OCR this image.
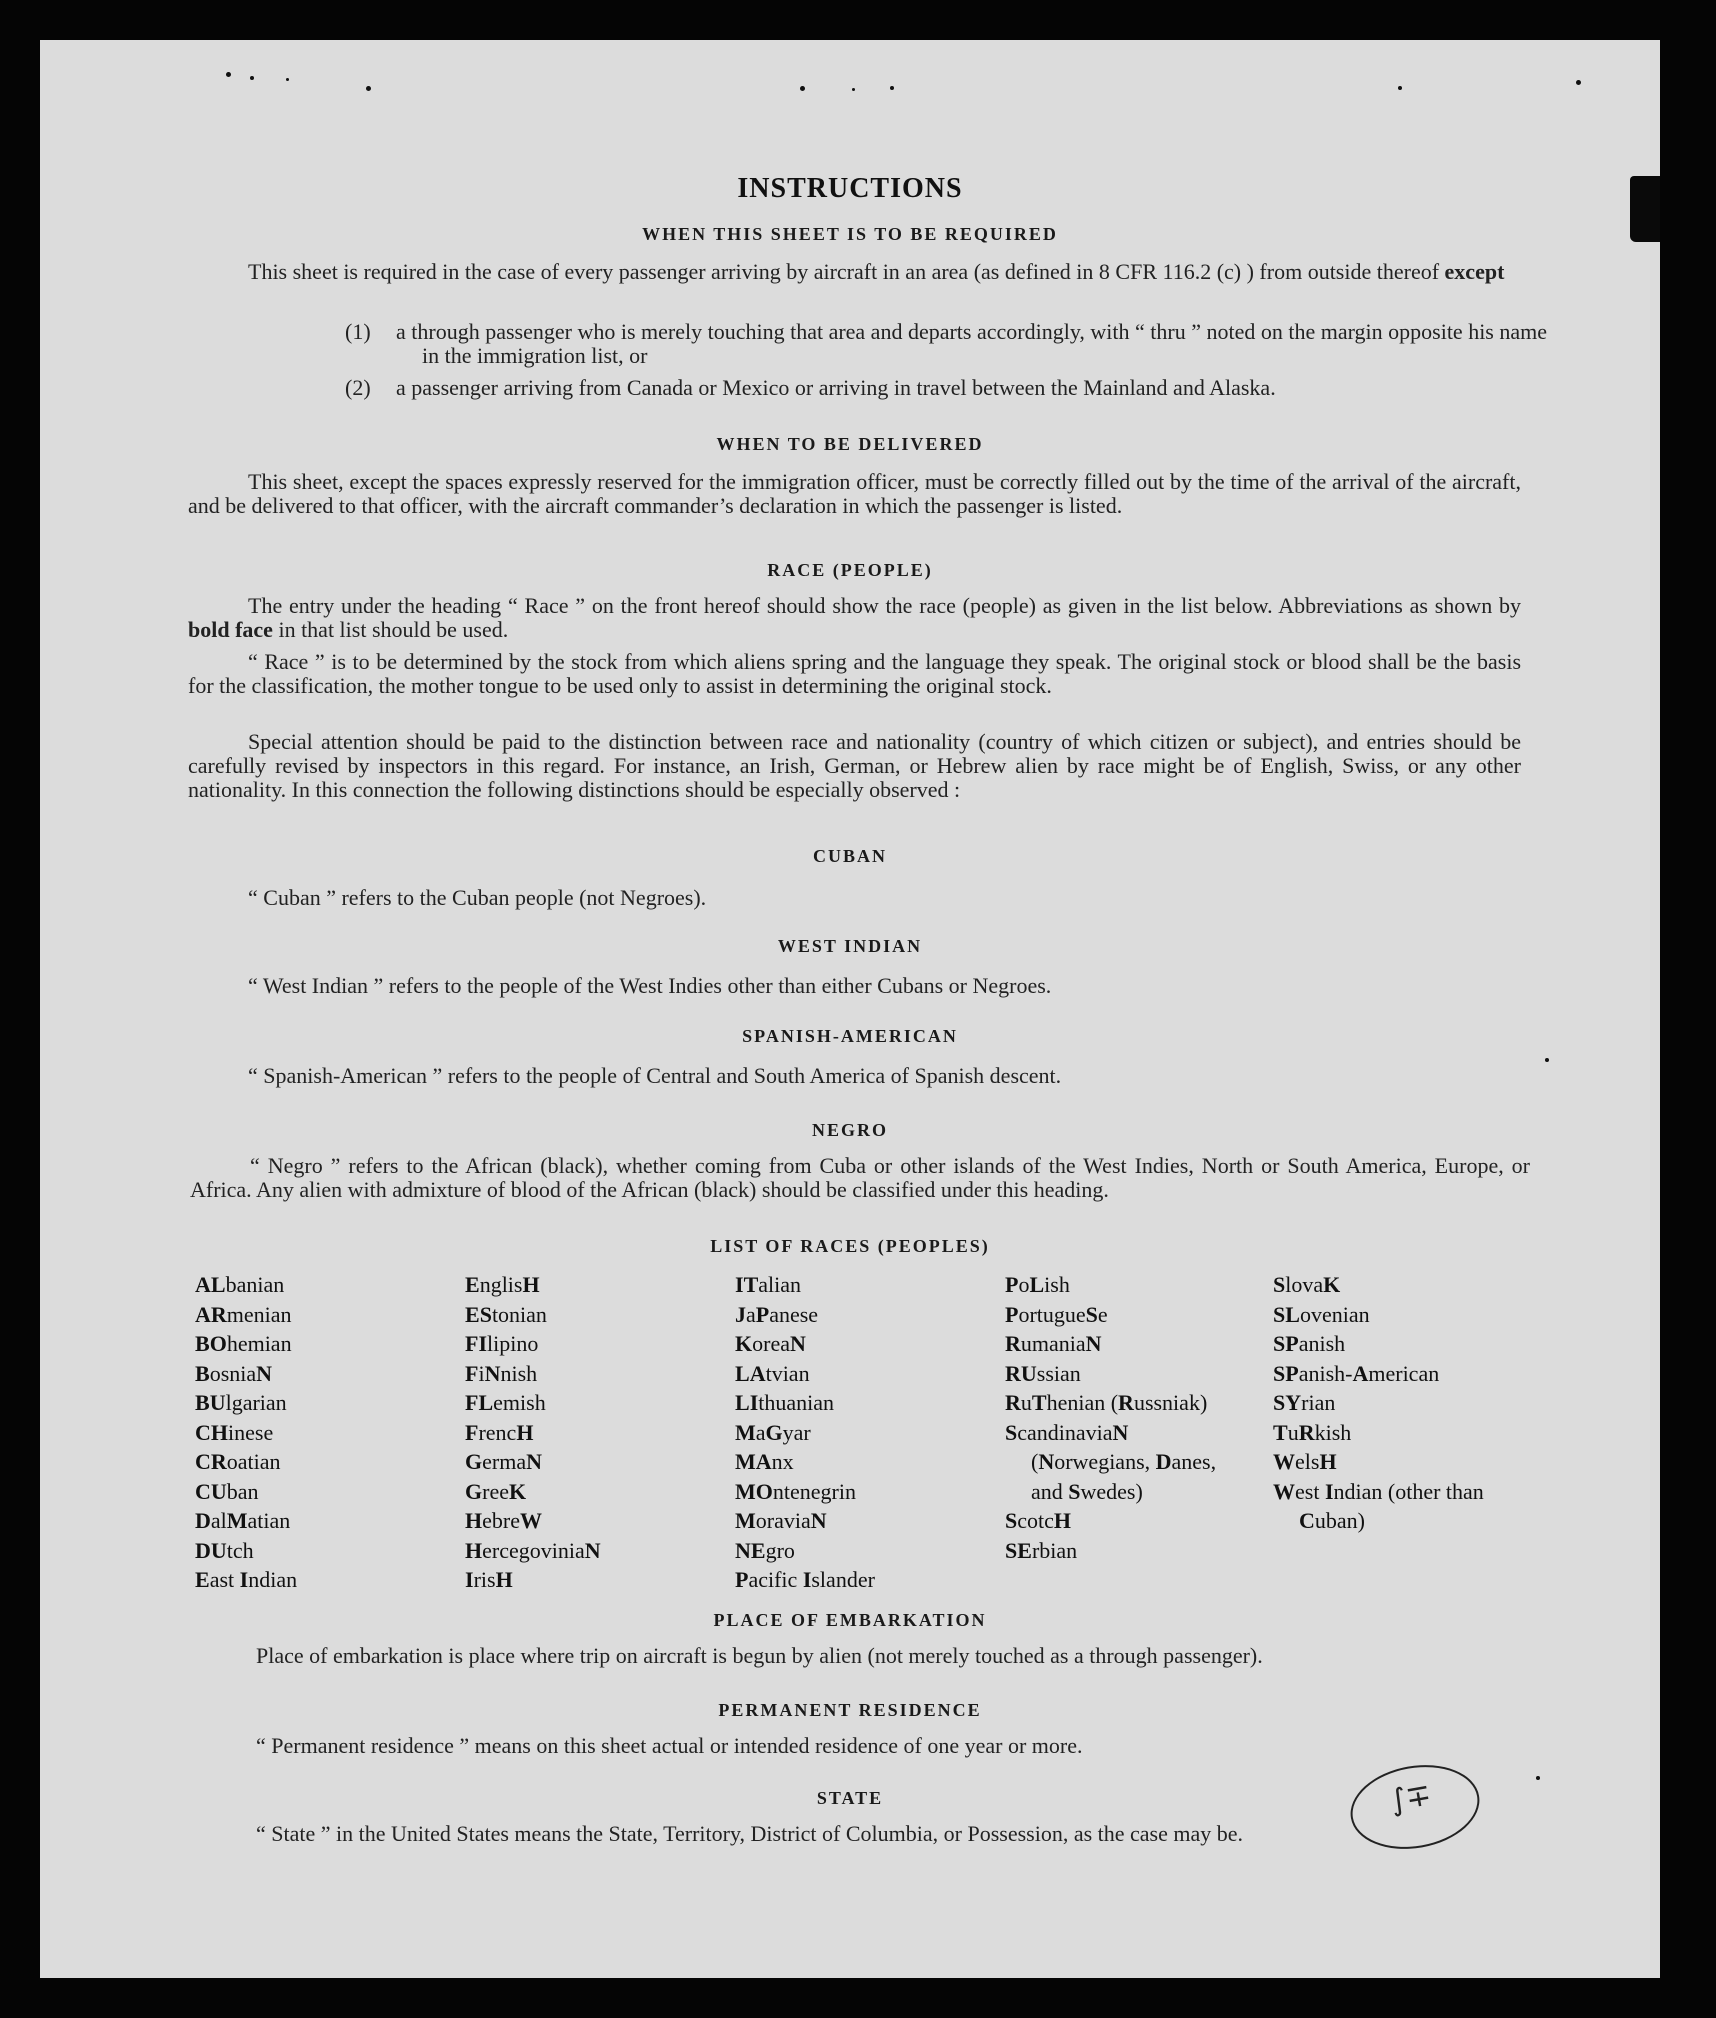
∫∓
INSTRUCTIONS
WHEN THIS SHEET IS TO BE REQUIRED
This sheet is required in the case of every passenger arriving by aircraft in an area (as defined in 8 CFR 116.2 (c) ) from outside thereof except
(1)	a through passenger who is merely touching that area and departs accordingly, with “ thru ” noted on the margin opposite his name in the immigration list, or
(2)	a passenger arriving from Canada or Mexico or arriving in travel between the Mainland and Alaska.
WHEN TO BE DELIVERED
This sheet, except the spaces expressly reserved for the immigration officer, must be correctly filled out by the time of the arrival of the aircraft, and be delivered to that officer, with the aircraft commander’s declaration in which the passenger is listed.
RACE (PEOPLE)
The entry under the heading “ Race ” on the front hereof should show the race (people) as given in the list below. Abbreviations as shown by bold face in that list should be used.
“ Race ” is to be determined by the stock from which aliens spring and the language they speak. The original stock or blood shall be the basis for the classification, the mother tongue to be used only to assist in determining the original stock.
Special attention should be paid to the distinction between race and nationality (country of which citizen or subject), and entries should be carefully revised by inspectors in this regard. For instance, an Irish, German, or Hebrew alien by race might be of English, Swiss, or any other nationality. In this connection the following distinctions should be especially observed :
CUBAN
“ Cuban ” refers to the Cuban people (not Negroes).
WEST INDIAN
“ West Indian ” refers to the people of the West Indies other than either Cubans or Negroes.
SPANISH-AMERICAN
“ Spanish-American ” refers to the people of Central and South America of Spanish descent.
NEGRO
“ Negro ” refers to the African (black), whether coming from Cuba or other islands of the West Indies, North or South America, Europe, or Africa. Any alien with admixture of blood of the African (black) should be classified under this heading.
LIST OF RACES (PEOPLES)
ALbanian
ARmenian
BOhemian
BosniaN
BUlgarian
CHinese
CRoatian
CUban
DalMatian
DUtch
East Indian
EnglisH
EStonian
FIlipino
FiNnish
FLemish
FrencH
GermaN
GreeK
HebreW
HercegoviniaN
IrisH
ITalian
JaPanese
KoreaN
LAtvian
LIthuanian
MaGyar
MAnx
MOntenegrin
MoraviaN
NEgro
Pacific Islander
PoLish
PortugueSe
RumaniaN
RUssian
RuThenian (Russniak)
ScandinaviaN (Norwegians, Danes, and Swedes)
ScotcH
SErbian
SlovaK
SLovenian
SPanish
SPanish-American
SYrian
TuRkish
WelsH
West Indian (other than Cuban)
PLACE OF EMBARKATION
Place of embarkation is place where trip on aircraft is begun by alien (not merely touched as a through passenger).
PERMANENT RESIDENCE
“ Permanent residence ” means on this sheet actual or intended residence of one year or more.
STATE
“ State ” in the United States means the State, Territory, District of Columbia, or Possession, as the case may be.
